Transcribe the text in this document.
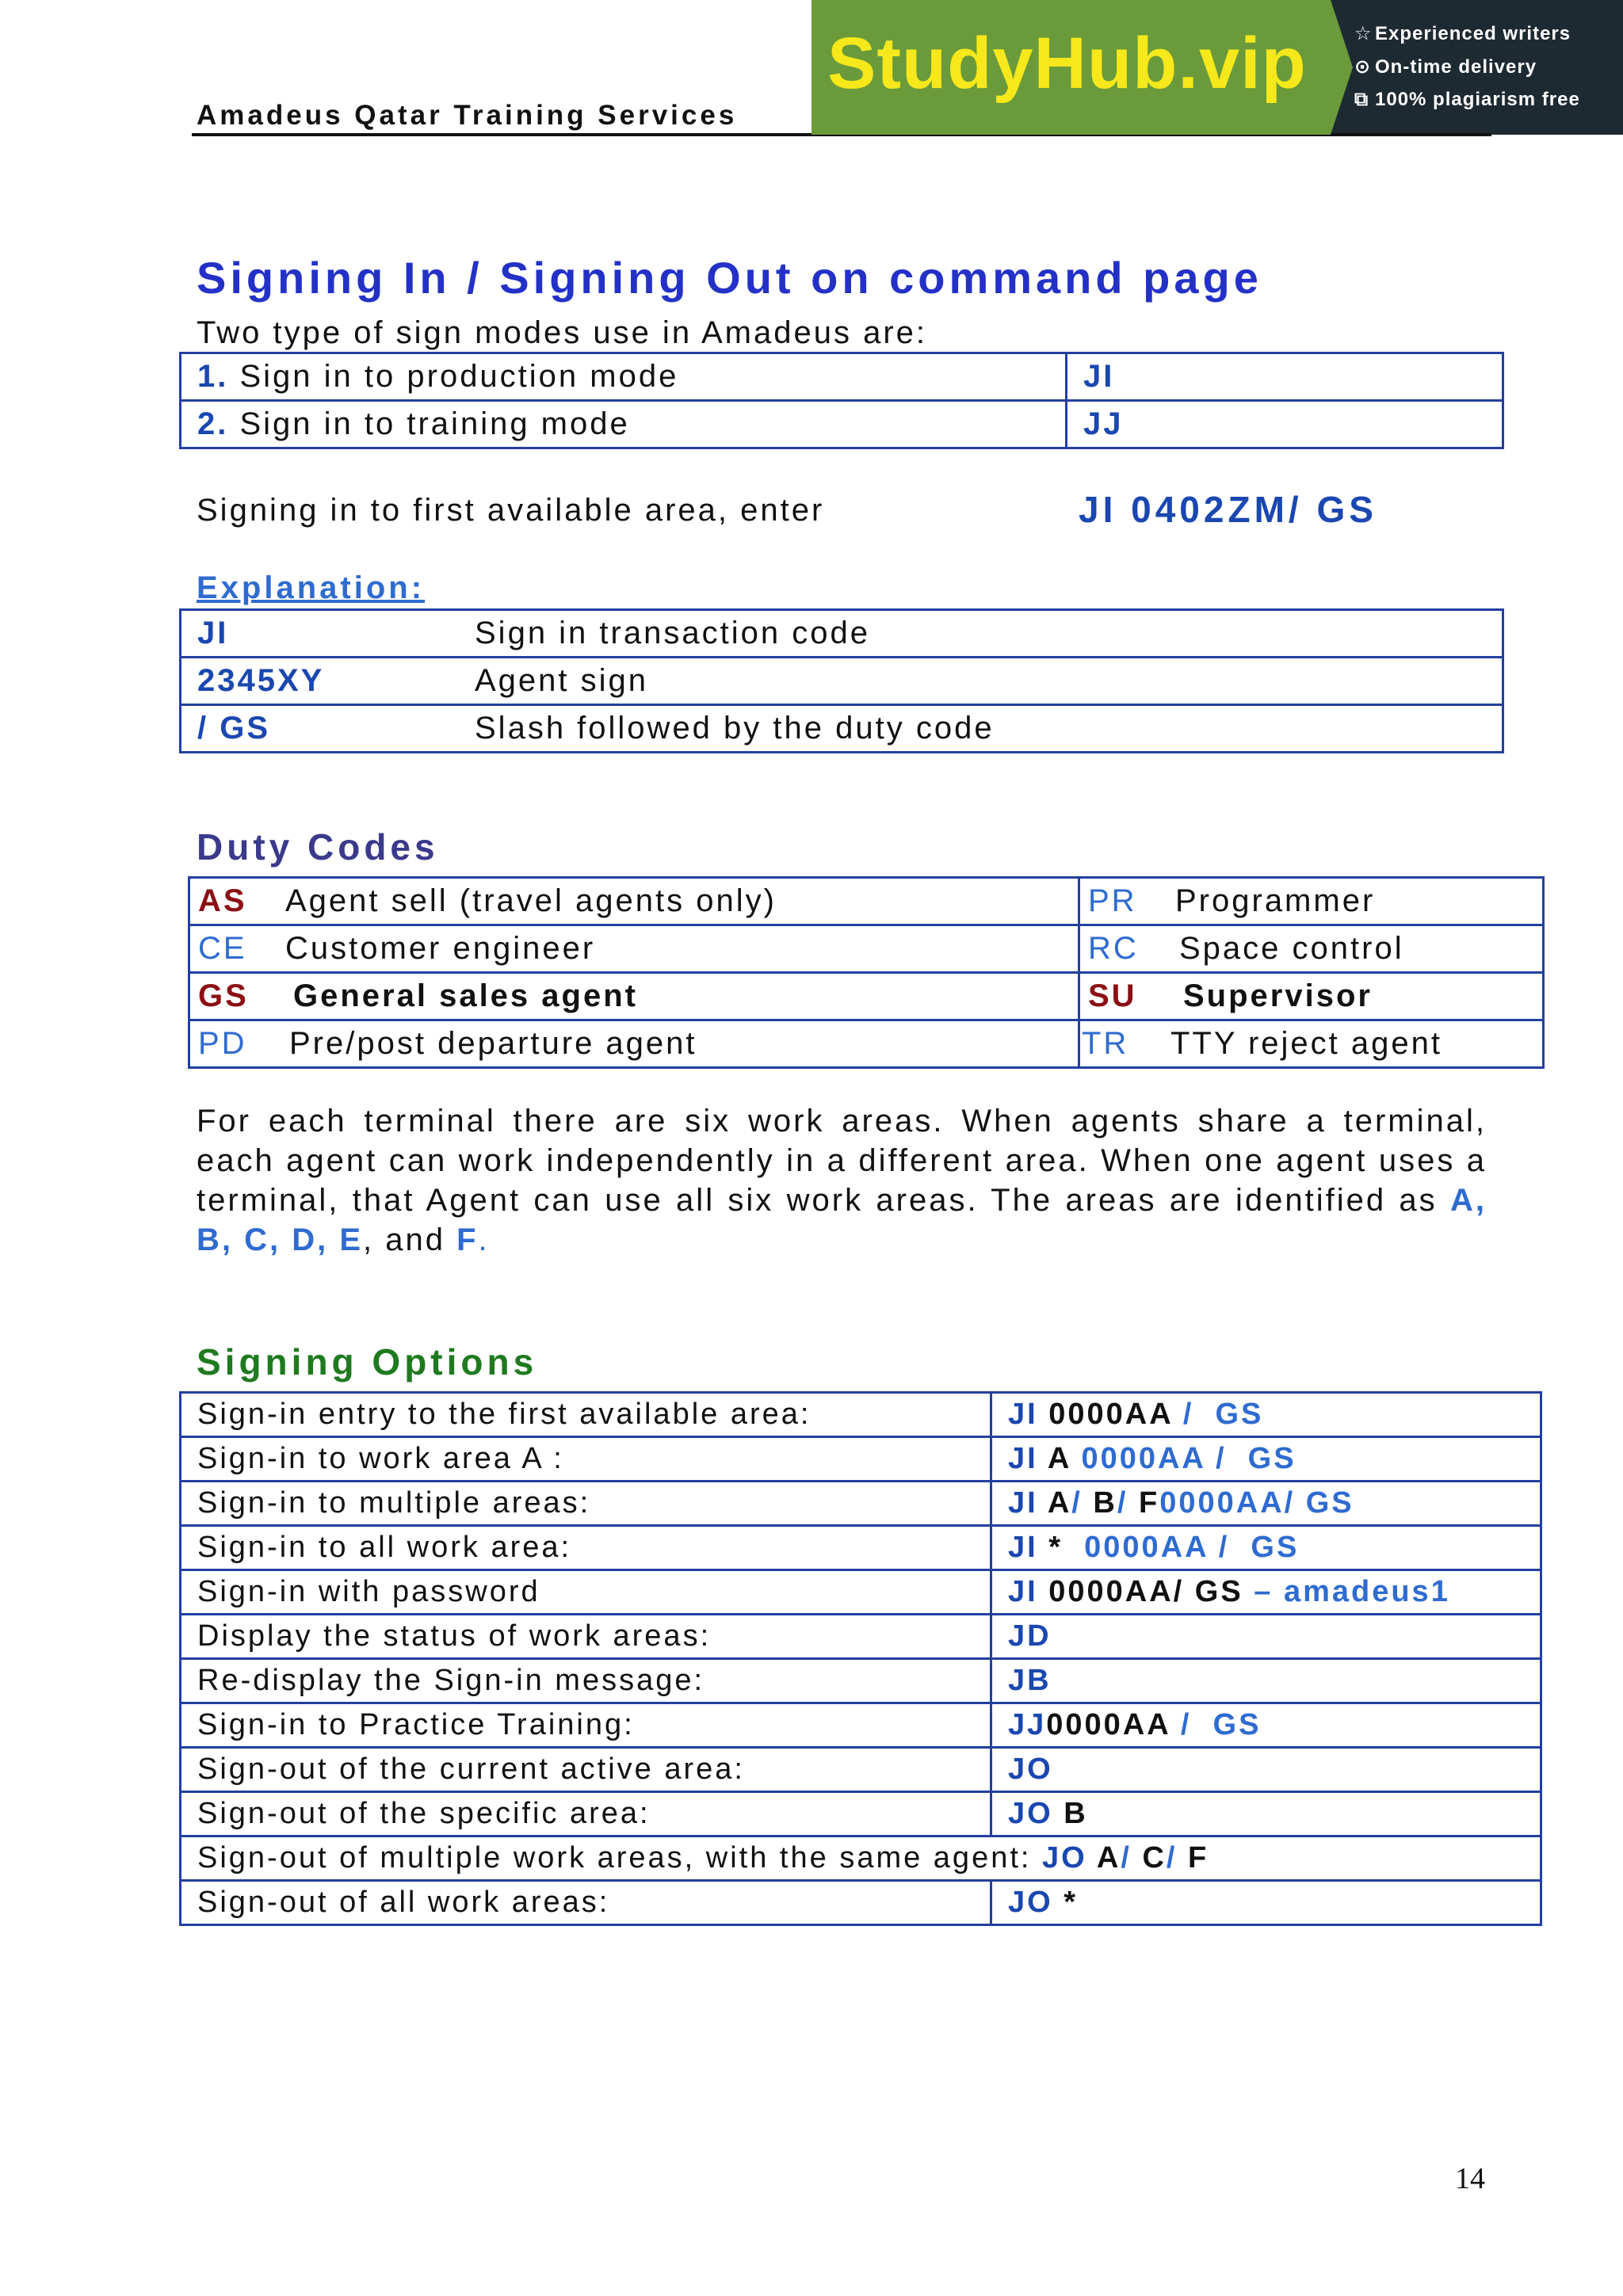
Amadeus Qatar Training Services
StudyHub.vip	☆ Experienced writers
⊙ On-time delivery
⧉ 100% plagiarism free
Signing In / Signing Out on command page
Two type of sign modes use in Amadeus are:
1. Sign in to production mode	JI
2. Sign in to training mode	JJ
Signing in to first available area, enter	JI 0402ZM/ GS
Explanation:
JI	Sign in transaction code
2345XY	Agent sign
/ GS	Slash followed by the duty code
Duty Codes
AS Agent sell (travel agents only)	PR Programmer
CE Customer engineer	RC Space control
GS General sales agent	SU Supervisor
PD Pre/post departure agent	TR TTY reject agent
For each terminal there are six work areas. When agents share a terminal, each agent can work independently in a different area. When one agent uses a terminal, that Agent can use all six work areas. The areas are identified as A, B, C, D, E, and F.
Signing Options
Sign-in entry to the first available area:	JI 0000AA /  GS
Sign-in to work area A :	JI A 0000AA /  GS
Sign-in to multiple areas:	JI A/ B/ F0000AA/ GS
Sign-in to all work area:	JI *  0000AA /  GS
Sign-in with password	JI 0000AA/ GS – amadeus1
Display the status of work areas:	JD
Re-display the Sign-in message:	JB
Sign-in to Practice Training:	JJ0000AA /  GS
Sign-out of the current active area:	JO
Sign-out of the specific area:	JO B
Sign-out of multiple work areas, with the same agent: JO A/ C/ F	
Sign-out of all work areas:	JO *
14
